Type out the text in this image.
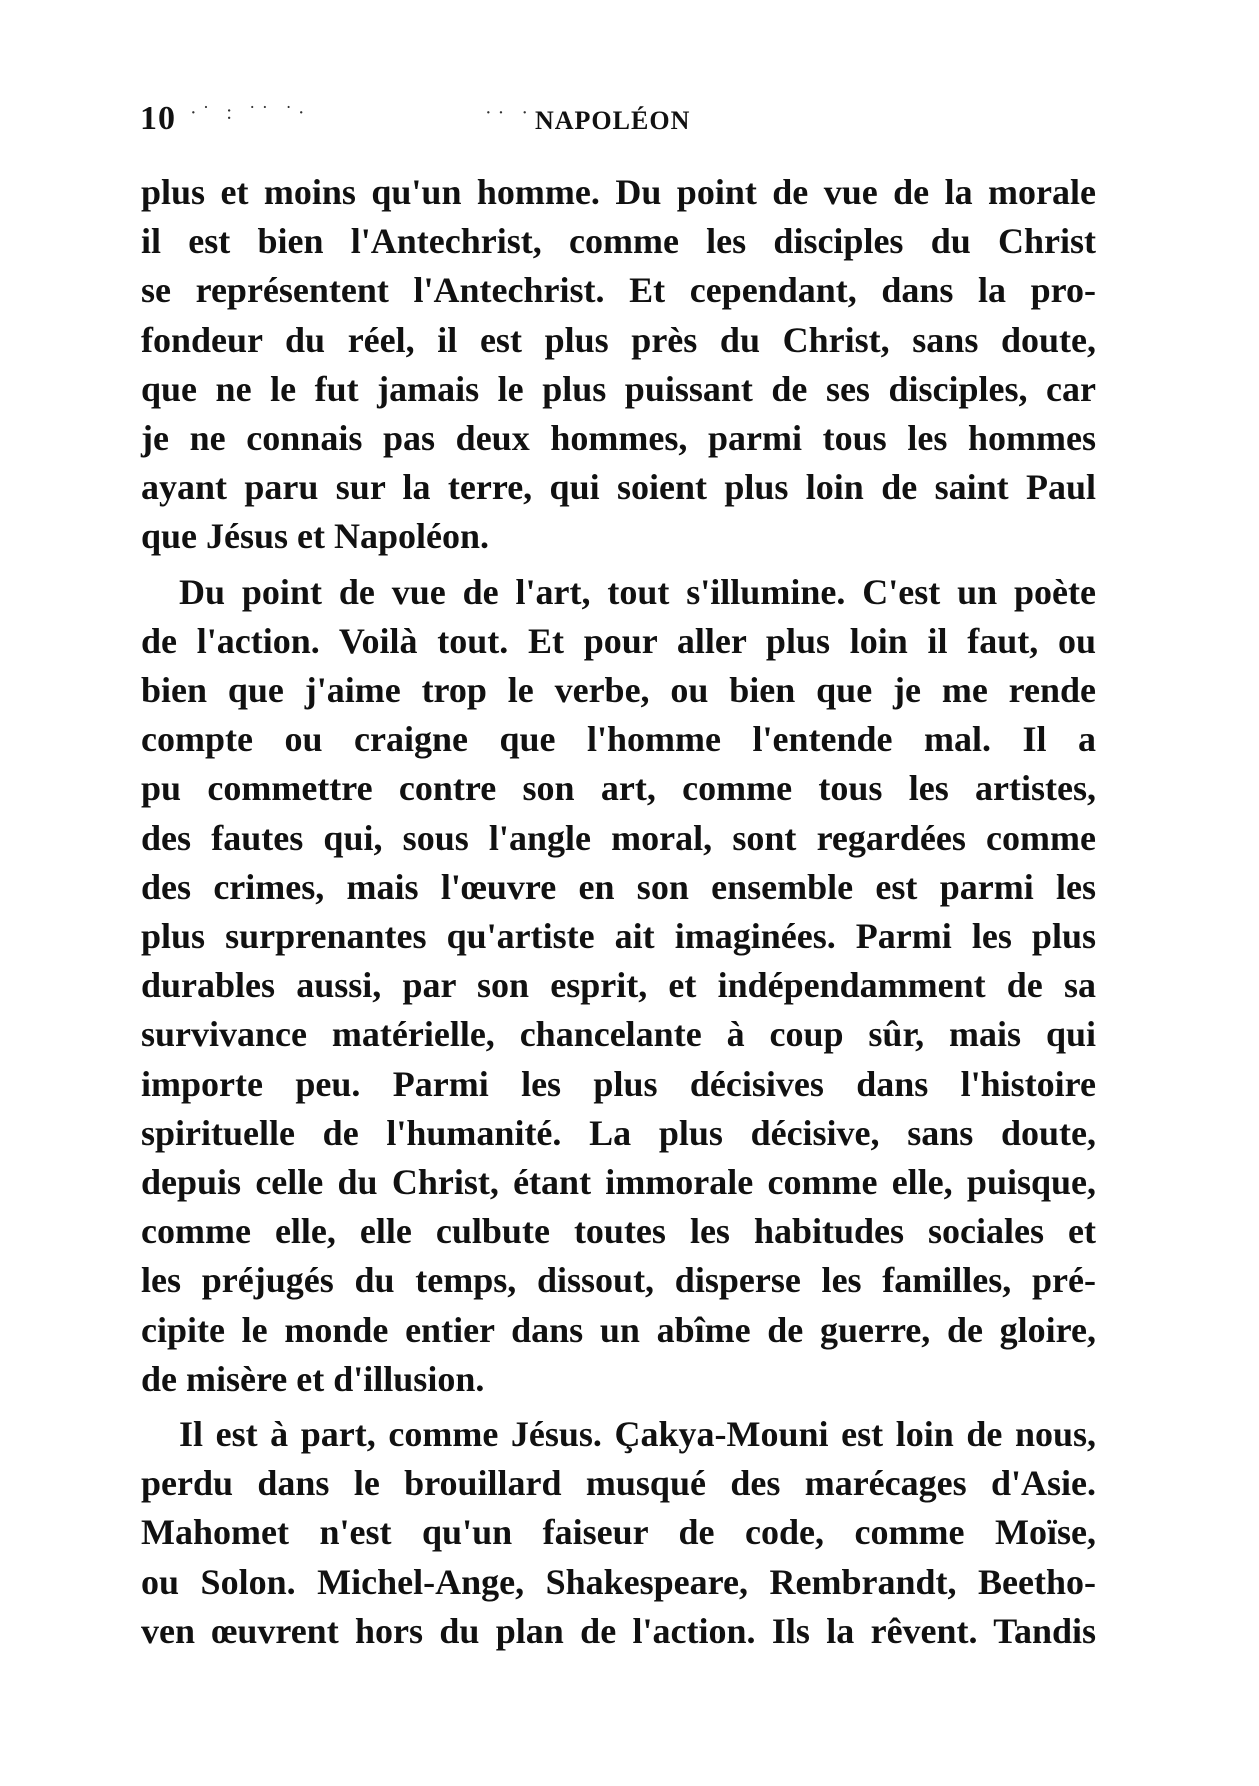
10 ·˙ : ˙˙ ˙·	·· · NAPOLÉON

plus et moins qu'un homme. Du point de vue de la morale
il est bien l'Antechrist, comme les disciples du Christ
se représentent l'Antechrist. Et cependant, dans la pro-
fondeur du réel, il est plus près du Christ, sans doute,
que ne le fut jamais le plus puissant de ses disciples, car
je ne connais pas deux hommes, parmi tous les hommes
ayant paru sur la terre, qui soient plus loin de saint Paul
que Jésus et Napoléon.

Du point de vue de l'art, tout s'illumine. C'est un poète
de l'action. Voilà tout. Et pour aller plus loin il faut, ou
bien que j'aime trop le verbe, ou bien que je me rende
compte ou craigne que l'homme l'entende mal. Il a
pu commettre contre son art, comme tous les artistes,
des fautes qui, sous l'angle moral, sont regardées comme
des crimes, mais l'œuvre en son ensemble est parmi les
plus surprenantes qu'artiste ait imaginées. Parmi les plus
durables aussi, par son esprit, et indépendamment de sa
survivance matérielle, chancelante à coup sûr, mais qui
importe peu. Parmi les plus décisives dans l'histoire
spirituelle de l'humanité. La plus décisive, sans doute,
depuis celle du Christ, étant immorale comme elle, puisque,
comme elle, elle culbute toutes les habitudes sociales et
les préjugés du temps, dissout, disperse les familles, pré-
cipite le monde entier dans un abîme de guerre, de gloire,
de misère et d'illusion.

Il est à part, comme Jésus. Çakya-Mouni est loin de nous,
perdu dans le brouillard musqué des marécages d'Asie.
Mahomet n'est qu'un faiseur de code, comme Moïse,
ou Solon. Michel-Ange, Shakespeare, Rembrandt, Beetho-
ven œuvrent hors du plan de l'action. Ils la rêvent. Tandis
